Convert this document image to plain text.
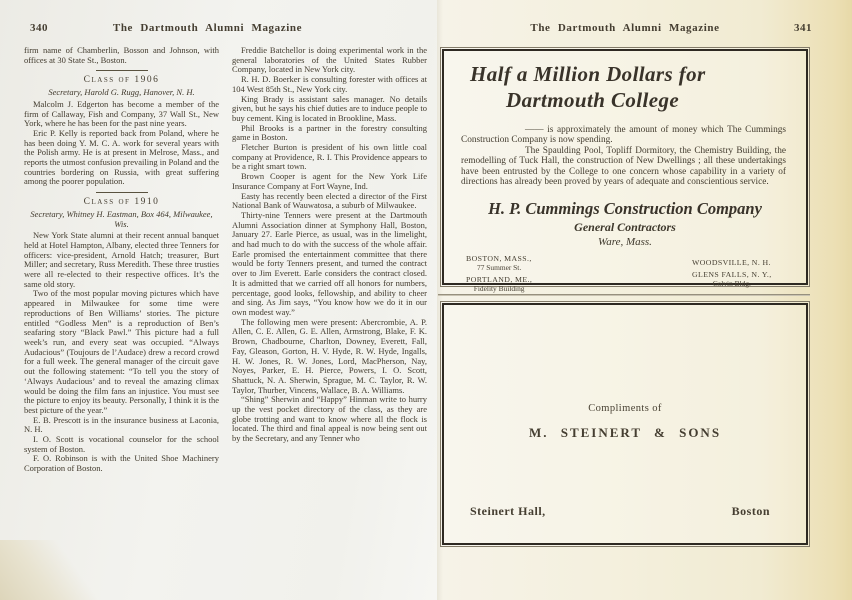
340	The Dartmouth Alumni Magazine

firm name of Chamberlin, Bosson and Johnson, with offices at 30 State St., Boston.

Class of 1906

Secretary, Harold G. Rugg, Hanover, N. H.

Malcolm J. Edgerton has become a member of the firm of Callaway, Fish and Company, 37 Wall St., New York, where he has been for the past nine years.

Eric P. Kelly is reported back from Poland, where he has been doing Y. M. C. A. work for several years with the Polish army. He is at present in Melrose, Mass., and reports the utmost confusion prevailing in Poland and the countries bordering on Russia, with great suffering among the poorer population.

Class of 1910

Secretary, Whitney H. Eastman, Box 464, Milwaukee, Wis.

New York State alumni at their recent annual banquet held at Hotel Hampton, Albany, elected three Tenners for officers: vice-president, Arnold Hatch; treasurer, Burt Miller; and secretary, Russ Meredith. These three trusties were all re-elected to their respective offices. It’s the same old story.

Two of the most popular moving pictures which have appeared in Milwaukee for some time were reproductions of Ben Williams’ stories. The picture entitled “Godless Men” is a reproduction of Ben’s seafaring story “Black Pawl.” This picture had a full week’s run, and every seat was occupied. “Always Audacious” (Toujours de l’Audace) drew a record crowd for a full week. The general manager of the circuit gave out the following statement: “To tell you the story of ‘Always Audacious’ and to reveal the amazing climax would be doing the film fans an injustice. You must see the picture to enjoy its beauty. Personally, I think it is the best picture of the year.”

E. B. Prescott is in the insurance business at Laconia, N. H.

I. O. Scott is vocational counselor for the school system of Boston.

F. O. Robinson is with the United Shoe Machinery Corporation of Boston.

Freddie Batchellor is doing experimental work in the general laboratories of the United States Rubber Company, located in New York city.

R. H. D. Boerker is consulting forester with offices at 104 West 85th St., New York city.

King Brady is assistant sales manager. No details given, but he says his chief duties are to induce people to buy cement. King is located in Brookline, Mass.

Phil Brooks is a partner in the forestry consulting game in Boston.

Fletcher Burton is president of his own little coal company at Providence, R. I. This Providence appears to be a right smart town.

Brown Cooper is agent for the New York Life Insurance Company at Fort Wayne, Ind.

Easty has recently been elected a director of the First National Bank of Wauwatosa, a suburb of Milwaukee.

Thirty-nine Tenners were present at the Dartmouth Alumni Association dinner at Symphony Hall, Boston, January 27. Earle Pierce, as usual, was in the limelight, and had much to do with the success of the whole affair. Earle promised the entertainment committee that there would be forty Tenners present, and turned the contract over to Jim Everett. Earle considers the contract closed. It is admitted that we carried off all honors for numbers, percentage, good looks, fellowship, and ability to cheer and sing. As Jim says, “You know how we do it in our own modest way.”

The following men were present: Abercrombie, A. P. Allen, C. E. Allen, G. E. Allen, Armstrong, Blake, F. K. Brown, Chadbourne, Charlton, Downey, Everett, Fall, Fay, Gleason, Gorton, H. V. Hyde, R. W. Hyde, Ingalls, H. W. Jones, R. W. Jones, Lord, MacPherson, Nay, Noyes, Parker, E. H. Pierce, Powers, I. O. Scott, Shattuck, N. A. Sherwin, Sprague, M. C. Taylor, R. W. Taylor, Thurber, Vincens, Wallace, B. A. Williams.

“Shing” Sherwin and “Happy” Hinman write to hurry up the vest pocket directory of the class, as they are globe trotting and want to know where all the flock is located. The third and final appeal is now being sent out by the Secretary, and any Tenner who

The Dartmouth Alumni Magazine	341
Half a Million Dollars for
Dartmouth College

—— is approximately the amount of money which The Cummings Construction Company is now spending.

The Spaulding Pool, Topliff Dormitory, the Chemistry Building, the remodelling of Tuck Hall, the construction of New Dwellings ; all these undertakings have been entrusted by the College to one concern whose capability in a variety of directions has already been proved by years of adequate and conscientious service.

H. P. Cummings Construction Company
General Contractors
Ware, Mass.
BOSTON, MASS.,
77 Summer St.
PORTLAND, ME.,
Fidelity Building
WOODSVILLE, N. H.
GLENS FALLS, N. Y.,
Colvin Bldg.
Compliments of
M. STEINERT & SONS
Steinert Hall,	Boston
